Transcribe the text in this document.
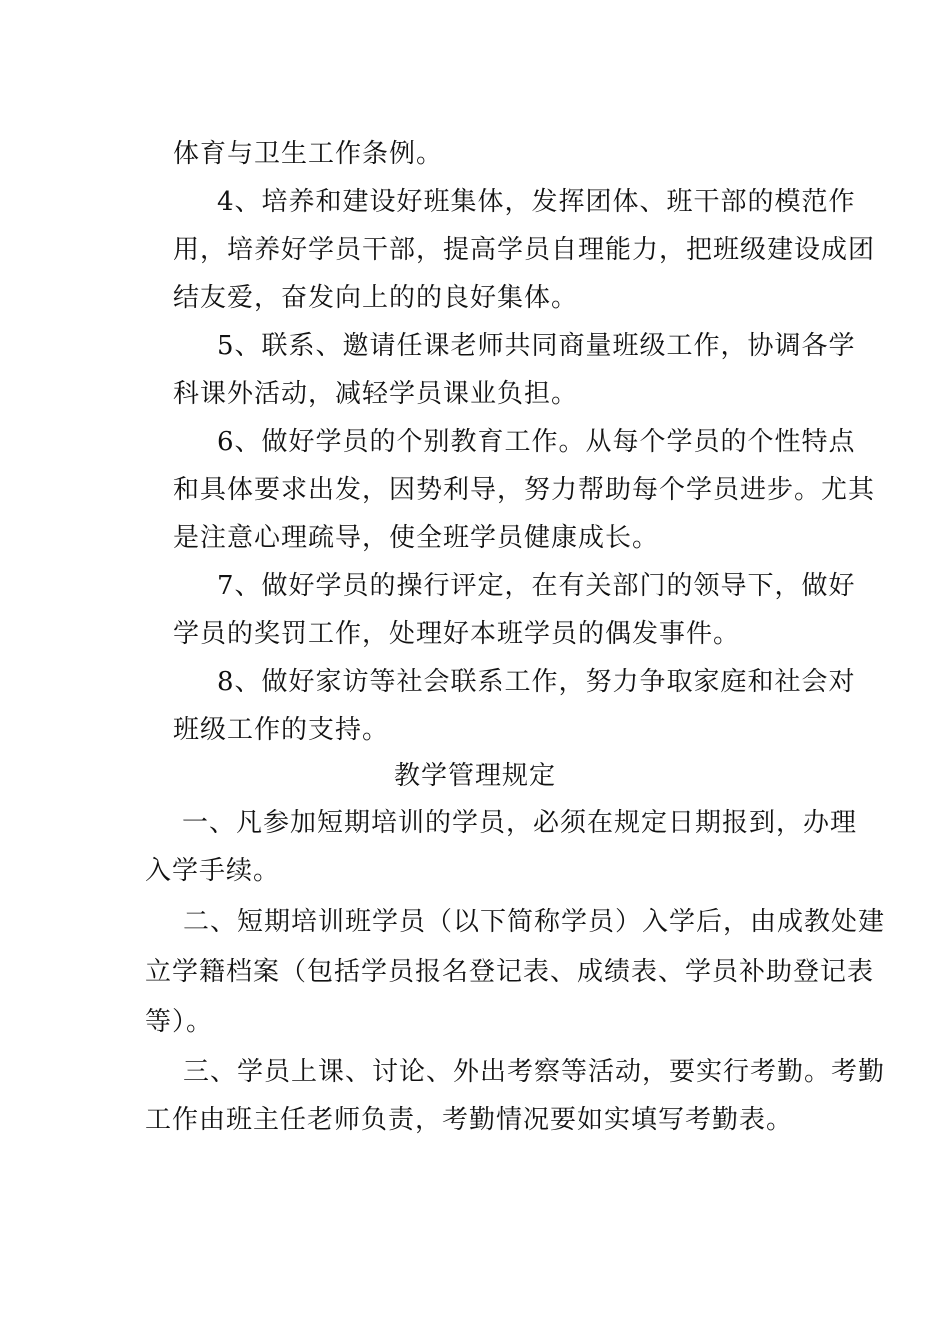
体育与卫生工作条例。
4、培养和建设好班集体，发挥团体、班干部的模范作
用，培养好学员干部，提高学员自理能力，把班级建设成团
结友爱，奋发向上的的良好集体。
5、联系、邀请任课老师共同商量班级工作，协调各学
科课外活动，减轻学员课业负担。
6、做好学员的个别教育工作。从每个学员的个性特点
和具体要求出发，因势利导，努力帮助每个学员进步。尤其
是注意心理疏导，使全班学员健康成长。
7、做好学员的操行评定，在有关部门的领导下，做好
学员的奖罚工作，处理好本班学员的偶发事件。
8、做好家访等社会联系工作，努力争取家庭和社会对
班级工作的支持。
教学管理规定
一、凡参加短期培训的学员，必须在规定日期报到，办理
入学手续。
二、短期培训班学员（以下简称学员）入学后，由成教处建
立学籍档案（包括学员报名登记表、成绩表、学员补助登记表
等）。
三、学员上课、讨论、外出考察等活动，要实行考勤。考勤
工作由班主任老师负责，考勤情况要如实填写考勤表。
